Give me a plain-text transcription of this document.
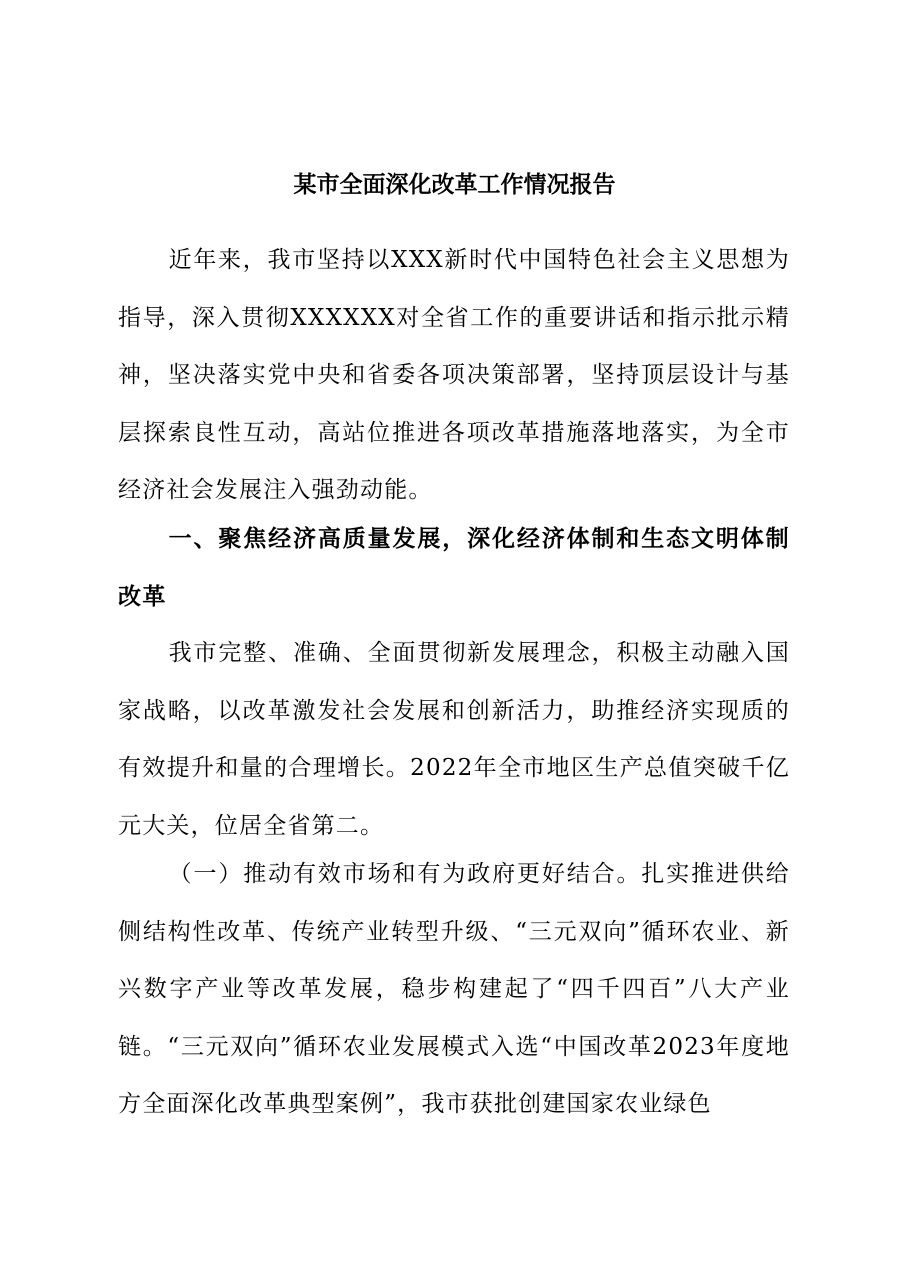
某市全面深化改革工作情况报告

近年来，我市坚持以XXX新时代中国特色社会主义思想为指导，深入贯彻XXXXXX对全省工作的重要讲话和指示批示精神，坚决落实党中央和省委各项决策部署，坚持顶层设计与基层探索良性互动，高站位推进各项改革措施落地落实，为全市经济社会发展注入强劲动能。

一、聚焦经济高质量发展，深化经济体制和生态文明体制改革

我市完整、准确、全面贯彻新发展理念，积极主动融入国家战略，以改革激发社会发展和创新活力，助推经济实现质的有效提升和量的合理增长。2022年全市地区生产总值突破千亿元大关，位居全省第二。

（一）推动有效市场和有为政府更好结合。扎实推进供给侧结构性改革、传统产业转型升级、“三元双向”循环农业、新兴数字产业等改革发展，稳步构建起了“四千四百”八大产业链。“三元双向”循环农业发展模式入选“中国改革2023年度地方全面深化改革典型案例”，我市获批创建国家农业绿色
